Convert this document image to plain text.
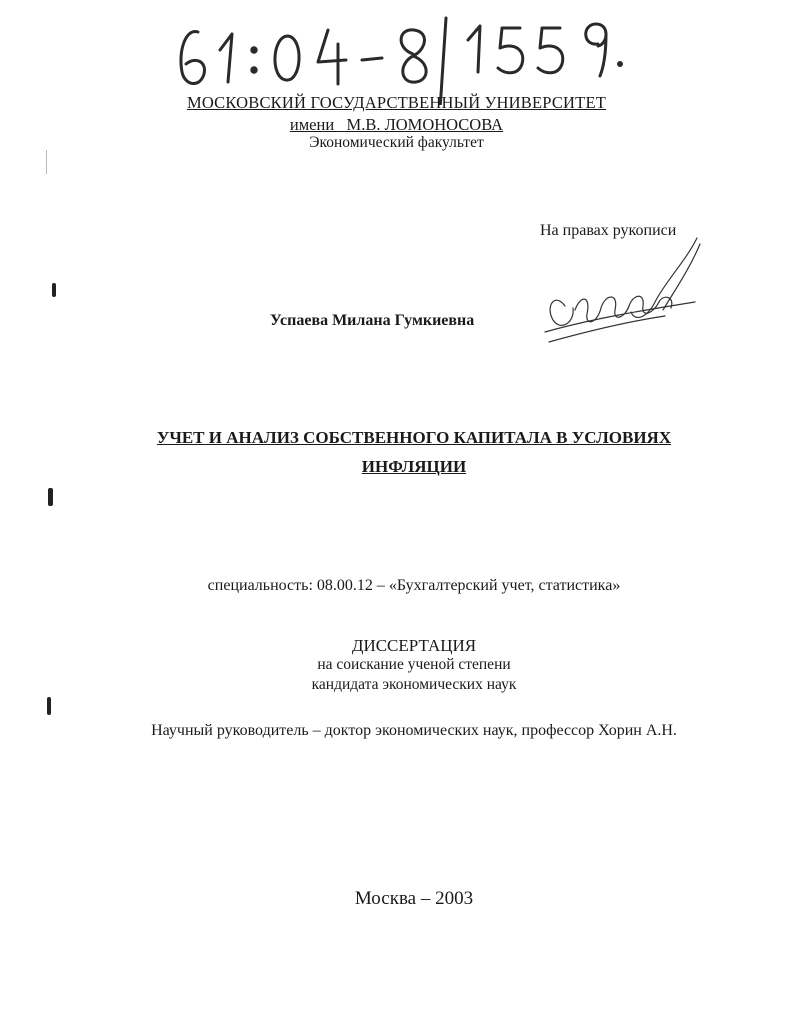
МОСКОВСКИЙ ГОСУДАРСТВЕННЫЙ УНИВЕРСИТЕТ
имени   М.В. ЛОМОНОСОВА
Экономический факультет
На правах рукописи
Успаева Милана Гумкиевна
УЧЕТ И АНАЛИЗ СОБСТВЕННОГО КАПИТАЛА В УСЛОВИЯХ
ИНФЛЯЦИИ
специальность: 08.00.12 – «Бухгалтерский учет, статистика»
ДИССЕРТАЦИЯ
на соискание ученой степени
кандидата экономических наук
Научный руководитель – доктор экономических наук, профессор Хорин А.Н.
Москва – 2003
